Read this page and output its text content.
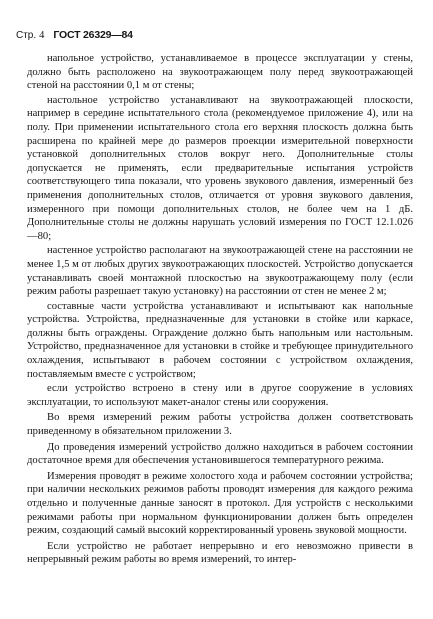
Стр. 4 ГОСТ 26329—84

напольное устройство, устанавливаемое в процессе эксплуатации у стены, должно быть расположено на звукоотражающем полу перед звукоотражающей стеной на расстоянии 0,1 м от стены;

настольное устройство устанавливают на звукоотражающей плоскости, например в середине испытательного стола (рекомендуемое приложение 4), или на полу. При применении испытательного стола его верхняя плоскость должна быть расширена по крайней мере до размеров проекции измерительной поверхности установкой дополнительных столов вокруг него. Дополнительные столы допускается не применять, если предварительные испытания устройств соответствующего типа показали, что уровень звукового давления, измеренный без применения дополнительных столов, отличается от уровня звукового давления, измеренного при помощи дополнительных столов, не более чем на 1 дБ. Дополнительные столы не должны нарушать условий измерения по ГОСТ 12.1.026—80;

настенное устройство располагают на звукоотражающей стене на расстоянии не менее 1,5 м от любых других звукоотражающих плоскостей. Устройство допускается устанавливать своей монтажной плоскостью на звукоотражающему полу (если режим работы разрешает такую установку) на расстоянии от стен не менее 2 м;

составные части устройства устанавливают и испытывают как напольные устройства. Устройства, предназначенные для установки в стойке или каркасе, должны быть ограждены. Ограждение должно быть напольным или настольным. Устройство, предназначенное для установки в стойке и требующее принудительного охлаждения, испытывают в рабочем состоянии с устройством охлаждения, поставляемым вместе с устройством;

если устройство встроено в стену или в другое сооружение в условиях эксплуатации, то используют макет-аналог стены или сооружения.

Во время измерений режим работы устройства должен соответствовать приведенному в обязательном приложении 3.

До проведения измерений устройство должно находиться в рабочем состоянии достаточное время для обеспечения установившегося температурного режима.

Измерения проводят в режиме холостого хода и рабочем состоянии устройства; при наличии нескольких режимов работы проводят измерения для каждого режима отдельно и полученные данные заносят в протокол. Для устройств с несколькими режимами работы при нормальном функционировании должен быть определен режим, создающий самый высокий корректированный уровень звуковой мощности.

Если устройство не работает непрерывно и его невозможно привести в непрерывный режим работы во время измерений, то интер-
